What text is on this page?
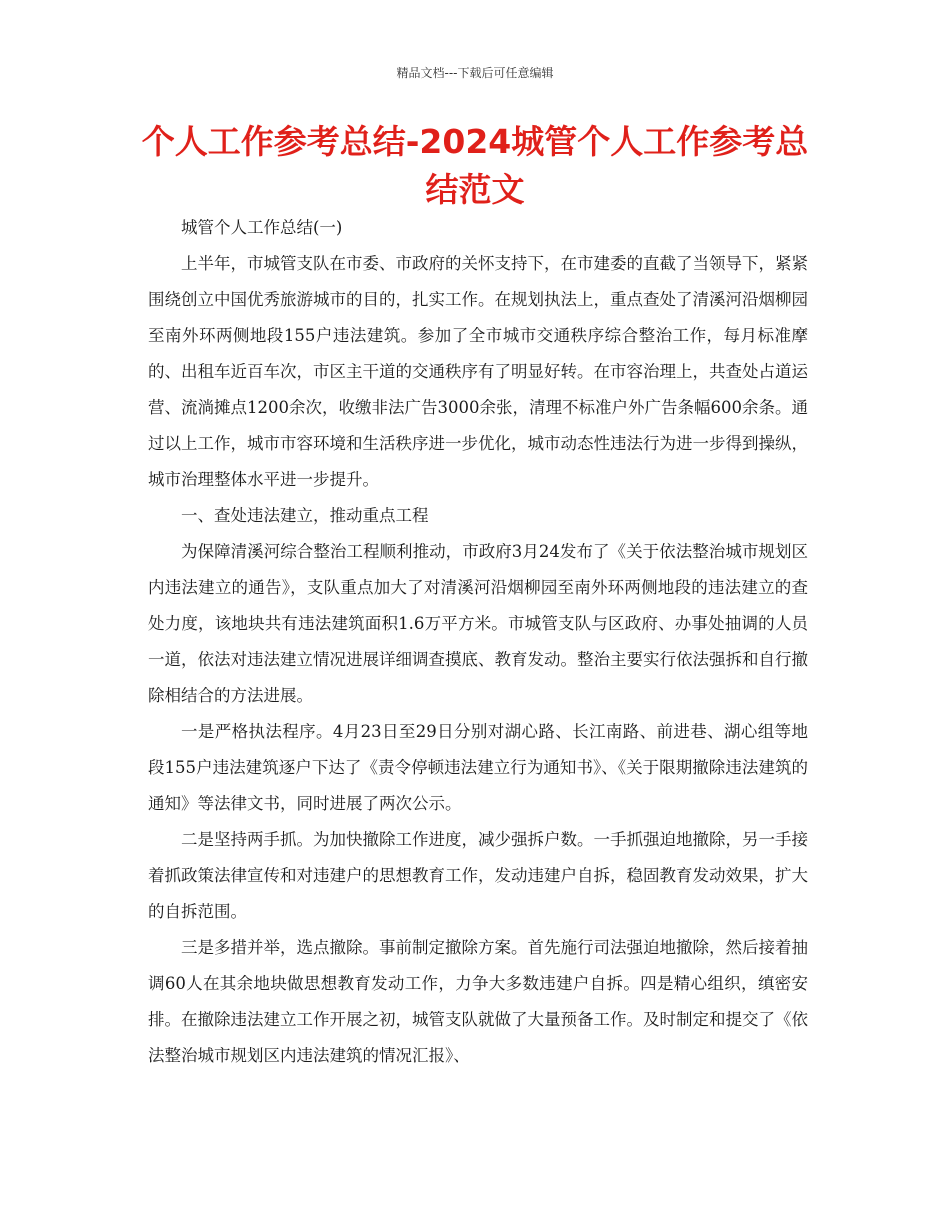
精品文档---下载后可任意编辑
个人工作参考总结-2024城管个人工作参考总结范文

城管个人工作总结(一)

上半年，市城管支队在市委、市政府的关怀支持下，在市建委的直截了当领导下，紧紧围绕创立中国优秀旅游城市的目的，扎实工作。在规划执法上，重点查处了清溪河沿烟柳园至南外环两侧地段155户违法建筑。参加了全市城市交通秩序综合整治工作，每月标准摩的、出租车近百车次，市区主干道的交通秩序有了明显好转。在市容治理上，共查处占道运营、流淌摊点1200余次，收缴非法广告3000余张，清理不标准户外广告条幅600余条。通过以上工作，城市市容环境和生活秩序进一步优化，城市动态性违法行为进一步得到操纵，城市治理整体水平进一步提升。

一、查处违法建立，推动重点工程

为保障清溪河综合整治工程顺利推动，市政府3月24发布了《关于依法整治城市规划区内违法建立的通告》，支队重点加大了对清溪河沿烟柳园至南外环两侧地段的违法建立的查处力度，该地块共有违法建筑面积1.6万平方米。市城管支队与区政府、办事处抽调的人员一道，依法对违法建立情况进展详细调查摸底、教育发动。整治主要实行依法强拆和自行撤除相结合的方法进展。

一是严格执法程序。4月23日至29日分别对湖心路、长江南路、前进巷、湖心组等地段155户违法建筑逐户下达了《责令停顿违法建立行为通知书》、《关于限期撤除违法建筑的通知》等法律文书，同时进展了两次公示。

二是坚持两手抓。为加快撤除工作进度，减少强拆户数。一手抓强迫地撤除，另一手接着抓政策法律宣传和对违建户的思想教育工作，发动违建户自拆，稳固教育发动效果，扩大的自拆范围。

三是多措并举，选点撤除。事前制定撤除方案。首先施行司法强迫地撤除，然后接着抽调60人在其余地块做思想教育发动工作，力争大多数违建户自拆。四是精心组织，缜密安排。在撤除违法建立工作开展之初，城管支队就做了大量预备工作。及时制定和提交了《依法整治城市规划区内违法建筑的情况汇报》、
